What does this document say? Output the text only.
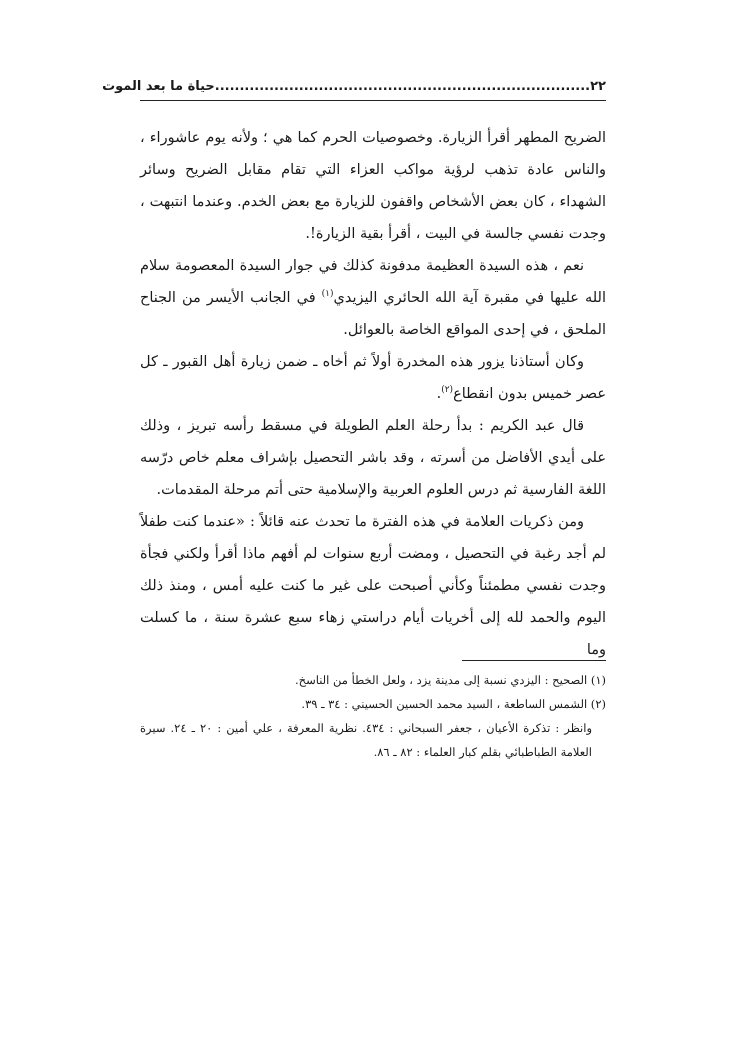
٢٢............................................................................حياة ما بعد الموت

الضريح المطهر أقرأ الزيارة. وخصوصيات الحرم كما هي ؛ ولأنه يوم عاشوراء ، والناس عادة تذهب لرؤية مواكب العزاء التي تقام مقابل الضريح وسائر الشهداء ، كان بعض الأشخاص واقفون للزيارة مع بعض الخدم. وعندما انتبهت ، وجدت نفسي جالسة في البيت ، أقرأ بقية الزيارة!.

نعم ، هذه السيدة العظيمة مدفونة كذلك في جوار السيدة المعصومة سلام الله عليها في مقبرة آية الله الحائري اليزيدي$^{(١)}$ في الجانب الأيسر من الجناح الملحق ، في إحدى المواقع الخاصة بالعوائل.

وكان أستاذنا يزور هذه المخدرة أولاً ثم أخاه ـ ضمن زيارة أهل القبور ـ كل عصر خميس بدون انقطاع$^{(٢)}$.

قال عبد الكريم : بدأ رحلة العلم الطويلة في مسقط رأسه تبريز ، وذلك على أيدي الأفاضل من أسرته ، وقد باشر التحصيل بإشراف معلم خاص درّسه اللغة الفارسية ثم درس العلوم العربية والإسلامية حتى أتم مرحلة المقدمات.

ومن ذكريات العلامة في هذه الفترة ما تحدث عنه قائلاً : «عندما كنت طفلاً لم أجد رغبة في التحصيل ، ومضت أربع سنوات لم أفهم ماذا أقرأ ولكني فجأة وجدت نفسي مطمئناً وكأني أصبحت على غير ما كنت عليه أمس ، ومنذ ذلك اليوم والحمد لله إلى أخريات أيام دراستي زهاء سبع عشرة سنة ، ما كسلت وما

(١) الصحيح : اليزدي نسبة إلى مدينة يزد ، ولعل الخطأ من الناسخ.

(٢) الشمس الساطعة ، السيد محمد الحسين الحسيني : ٣٤ ـ ٣٩.

وانظر : تذكرة الأعيان ، جعفر السبحاني : ٤٣٤. نظرية المعرفة ، علي أمين : ٢٠ ـ ٢٤. سيرة العلامة الطباطبائي بقلم كبار العلماء : ٨٢ ـ ٨٦.
